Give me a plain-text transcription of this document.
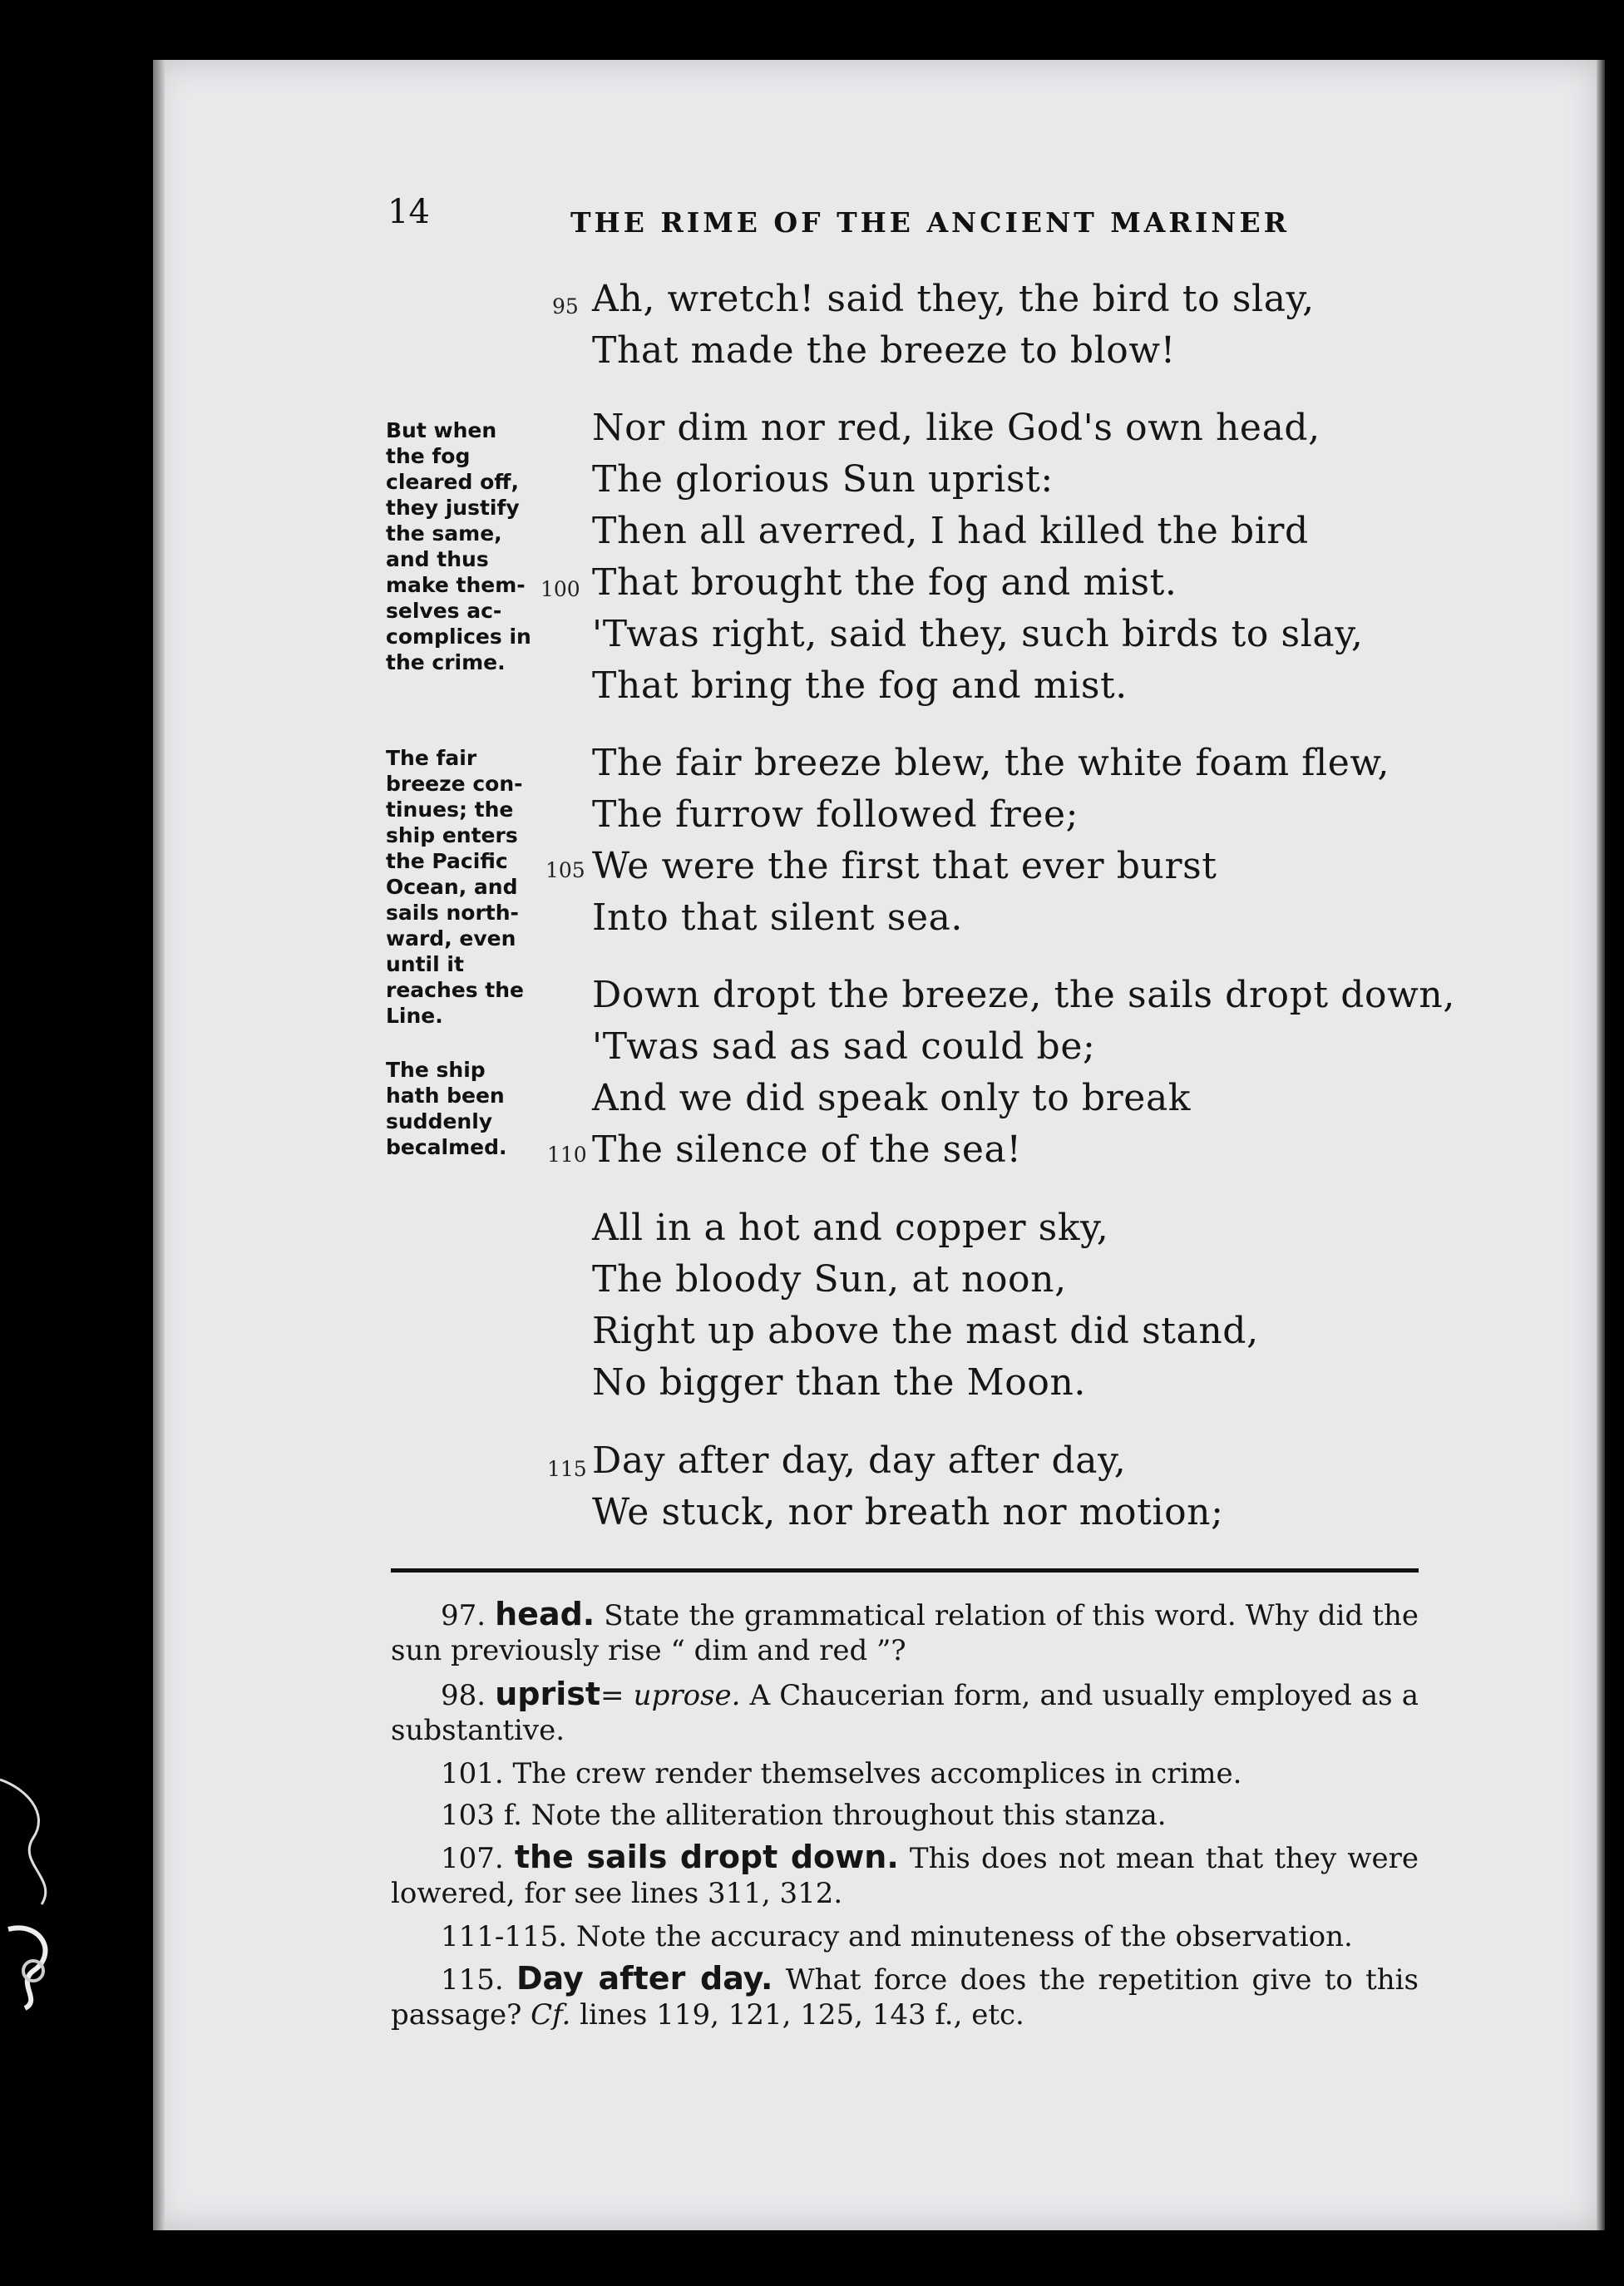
14	THE RIME OF THE ANCIENT MARINER
95 Ah, wretch! said they, the bird to slay,
That made the breeze to blow!
Nor dim nor red, like God's own head,
The glorious Sun uprist:
Then all averred, I had killed the bird
100 That brought the fog and mist.
'Twas right, said they, such birds to slay,
That bring the fog and mist.
The fair breeze blew, the white foam flew,
The furrow followed free;
105 We were the first that ever burst
Into that silent sea.
Down dropt the breeze, the sails dropt down,
'Twas sad as sad could be;
And we did speak only to break
110 The silence of the sea!
All in a hot and copper sky,
The bloody Sun, at noon,
Right up above the mast did stand,
No bigger than the Moon.
115 Day after day, day after day,
We stuck, nor breath nor motion;
But when
the fog
cleared off,
they justify
the same,
and thus
make them-
selves ac-
complices in
the crime.
The fair
breeze con-
tinues; the
ship enters
the Pacific
Ocean, and
sails north-
ward, even
until it
reaches the
Line.
The ship
hath been
suddenly
becalmed.
97. head. State the grammatical relation of this word. Why did the sun previously rise “ dim and red ”?
98. uprist= uprose. A Chaucerian form, and usually employed as a substantive.
101. The crew render themselves accomplices in crime.
103 f. Note the alliteration throughout this stanza.
107. the sails dropt down. This does not mean that they were lowered, for see lines 311, 312.
111-115. Note the accuracy and minuteness of the observation.
115. Day after day. What force does the repetition give to this passage? Cf. lines 119, 121, 125, 143 f., etc.
